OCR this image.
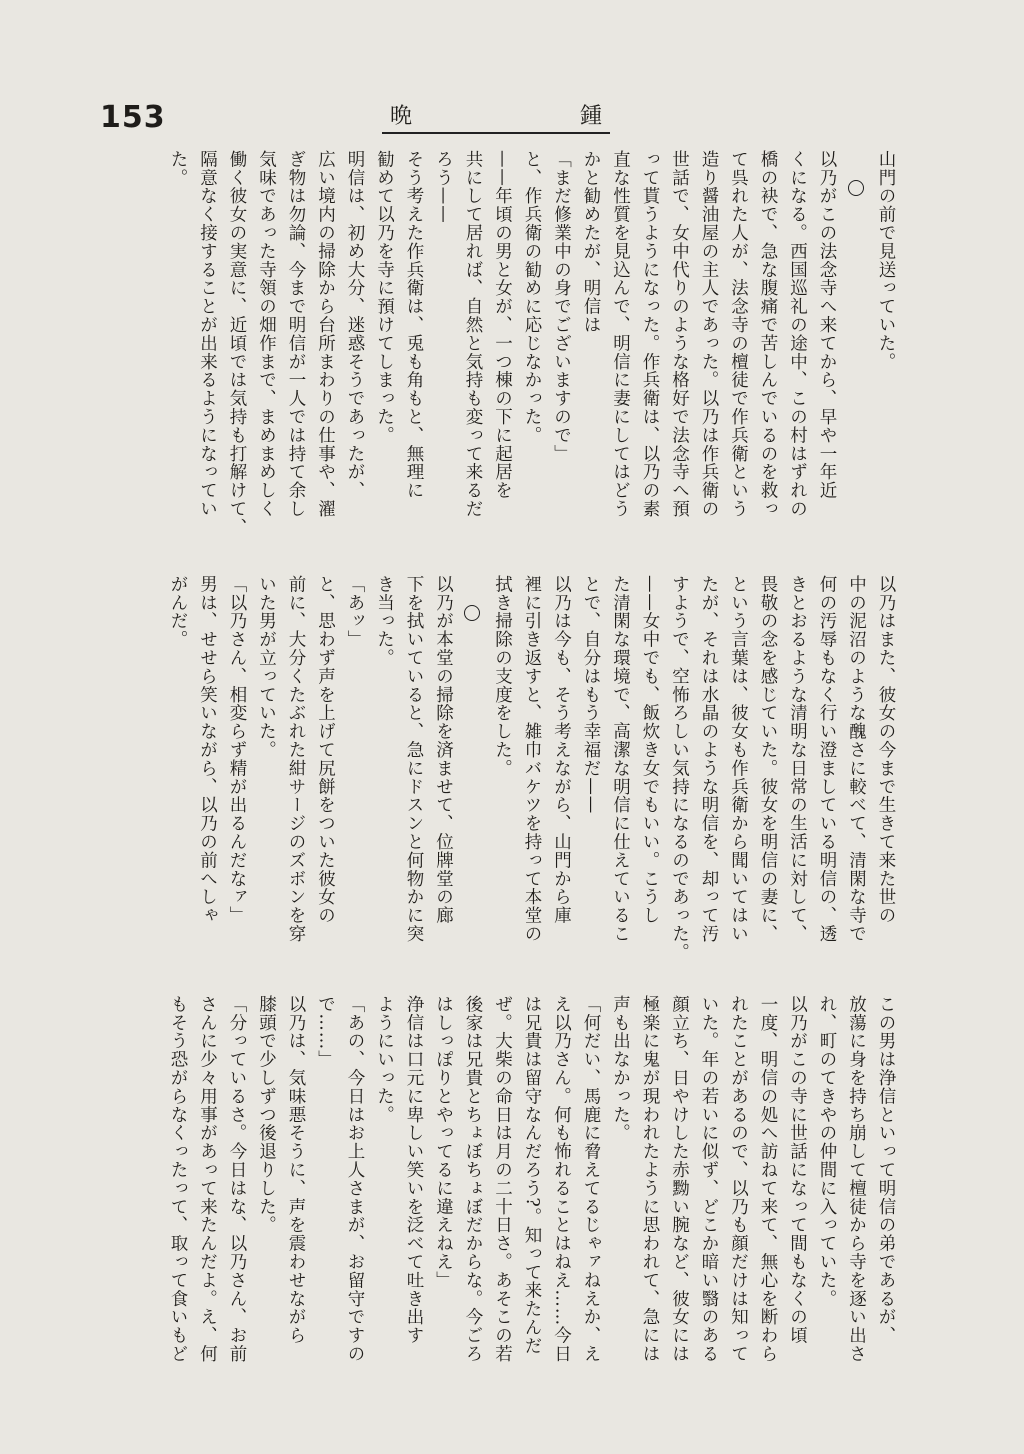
153	晩	鍾
山門の前で見送っていた。
以乃がこの法念寺へ来てから、早や一年近
くになる。西国巡礼の途中、この村はずれの
橋の袂で、急な腹痛で苦しんでいるのを救っ
て呉れた人が、法念寺の檀徒で作兵衛という
造り醤油屋の主人であった。以乃は作兵衛の
世話で、女中代りのような格好で法念寺へ預
って貰うようになった。作兵衛は、以乃の素
直な性質を見込んで、明信に妻にしてはどう
かと勧めたが、明信は
「まだ修業中の身でございますので」
と、作兵衛の勧めに応じなかった。
——年頃の男と女が、一つ棟の下に起居を
共にして居れば、自然と気持も変って来るだ
ろう——
そう考えた作兵衛は、兎も角もと、無理に
勧めて以乃を寺に預けてしまった。
明信は、初め大分、迷惑そうであったが、
広い境内の掃除から台所まわりの仕事や、濯
ぎ物は勿論、今まで明信が一人では持て余し
気味であった寺領の畑作まで、まめまめしく
働く彼女の実意に、近頃では気持も打解けて、
隔意なく接することが出来るようになってい
た。
以乃はまた、彼女の今まで生きて来た世の
中の泥沼のような醜さに較べて、清閑な寺で
何の汚辱もなく行い澄ましている明信の、透
きとおるような清明な日常の生活に対して、
畏敬の念を感じていた。彼女を明信の妻に、
という言葉は、彼女も作兵衛から聞いてはい
たが、それは水晶のような明信を、却って汚
すようで、空怖ろしい気持になるのであった。
——女中でも、飯炊き女でもいい。こうし
た清閑な環境で、高潔な明信に仕えているこ
とで、自分はもう幸福だ——
以乃は今も、そう考えながら、山門から庫
裡に引き返すと、雑巾バケツを持って本堂の
拭き掃除の支度をした。
以乃が本堂の掃除を済ませて、位牌堂の廊
下を拭いていると、急にドスンと何物かに突
き当った。
「あッ」
と、思わず声を上げて尻餅をついた彼女の
前に、大分くたぶれた紺サージのズボンを穿
いた男が立っていた。
「以乃さん、相変らず精が出るんだなァ」
男は、せせら笑いながら、以乃の前へしゃ
がんだ。
この男は浄信といって明信の弟であるが、
放蕩に身を持ち崩して檀徒から寺を逐い出さ
れ、町のてきやの仲間に入っていた。
以乃がこの寺に世話になって間もなくの頃
一度、明信の処へ訪ねて来て、無心を断わら
れたことがあるので、以乃も顔だけは知って
いた。年の若いに似ず、どこか暗い翳のある
顔立ち、日やけした赤黝い腕など、彼女には
極楽に鬼が現われたように思われて、急には
声も出なかった。
「何だい、馬鹿に脅えてるじゃァねえか、え
え以乃さん。何も怖れることはねえ……今日
は兄貴は留守なんだろう?。知って来たんだ
ぜ。大柴の命日は月の二十日さ。あそこの若
後家は兄貴とちょぼちょぼだからな。今ごろ
はしっぽりとやってるに違えねえ」
浄信は口元に卑しい笑いを泛べて吐き出す
ようにいった。
「あの、今日はお上人さまが、お留守ですの
で……」
以乃は、気味悪そうに、声を震わせながら
膝頭で少しずつ後退りした。
「分っているさ。今日はな、以乃さん、お前
さんに少々用事があって来たんだよ。え、何
もそう恐がらなくったって、取って食いもど
